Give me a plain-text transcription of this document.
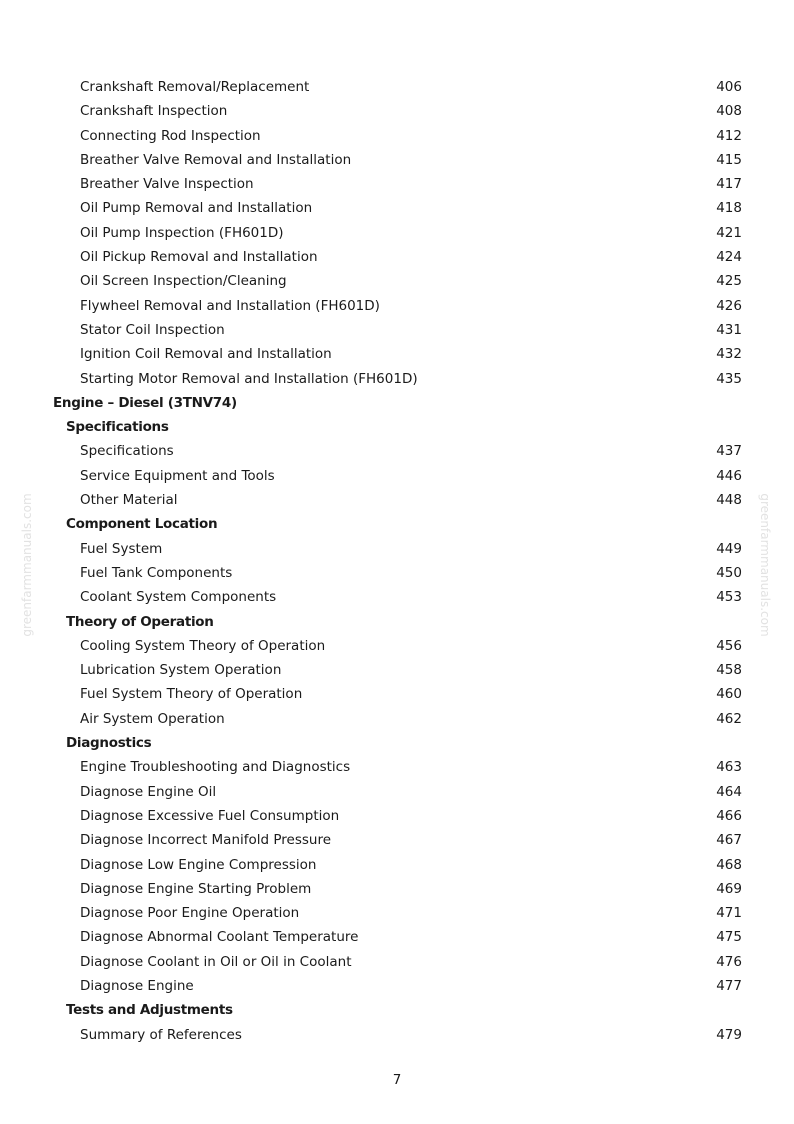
greenfarmmanuals.com	greenfarmmanuals.com
Crankshaft Removal/Replacement	406
Crankshaft Inspection	408
Connecting Rod Inspection	412
Breather Valve Removal and Installation	415
Breather Valve Inspection	417
Oil Pump Removal and Installation	418
Oil Pump Inspection (FH601D)	421
Oil Pickup Removal and Installation	424
Oil Screen Inspection/Cleaning	425
Flywheel Removal and Installation (FH601D)	426
Stator Coil Inspection	431
Ignition Coil Removal and Installation	432
Starting Motor Removal and Installation (FH601D)	435
Engine – Diesel (3TNV74)
Specifications
Specifications	437
Service Equipment and Tools	446
Other Material	448
Component Location
Fuel System	449
Fuel Tank Components	450
Coolant System Components	453
Theory of Operation
Cooling System Theory of Operation	456
Lubrication System Operation	458
Fuel System Theory of Operation	460
Air System Operation	462
Diagnostics
Engine Troubleshooting and Diagnostics	463
Diagnose Engine Oil	464
Diagnose Excessive Fuel Consumption	466
Diagnose Incorrect Manifold Pressure	467
Diagnose Low Engine Compression	468
Diagnose Engine Starting Problem	469
Diagnose Poor Engine Operation	471
Diagnose Abnormal Coolant Temperature	475
Diagnose Coolant in Oil or Oil in Coolant	476
Diagnose Engine	477
Tests and Adjustments
Summary of References	479
7
